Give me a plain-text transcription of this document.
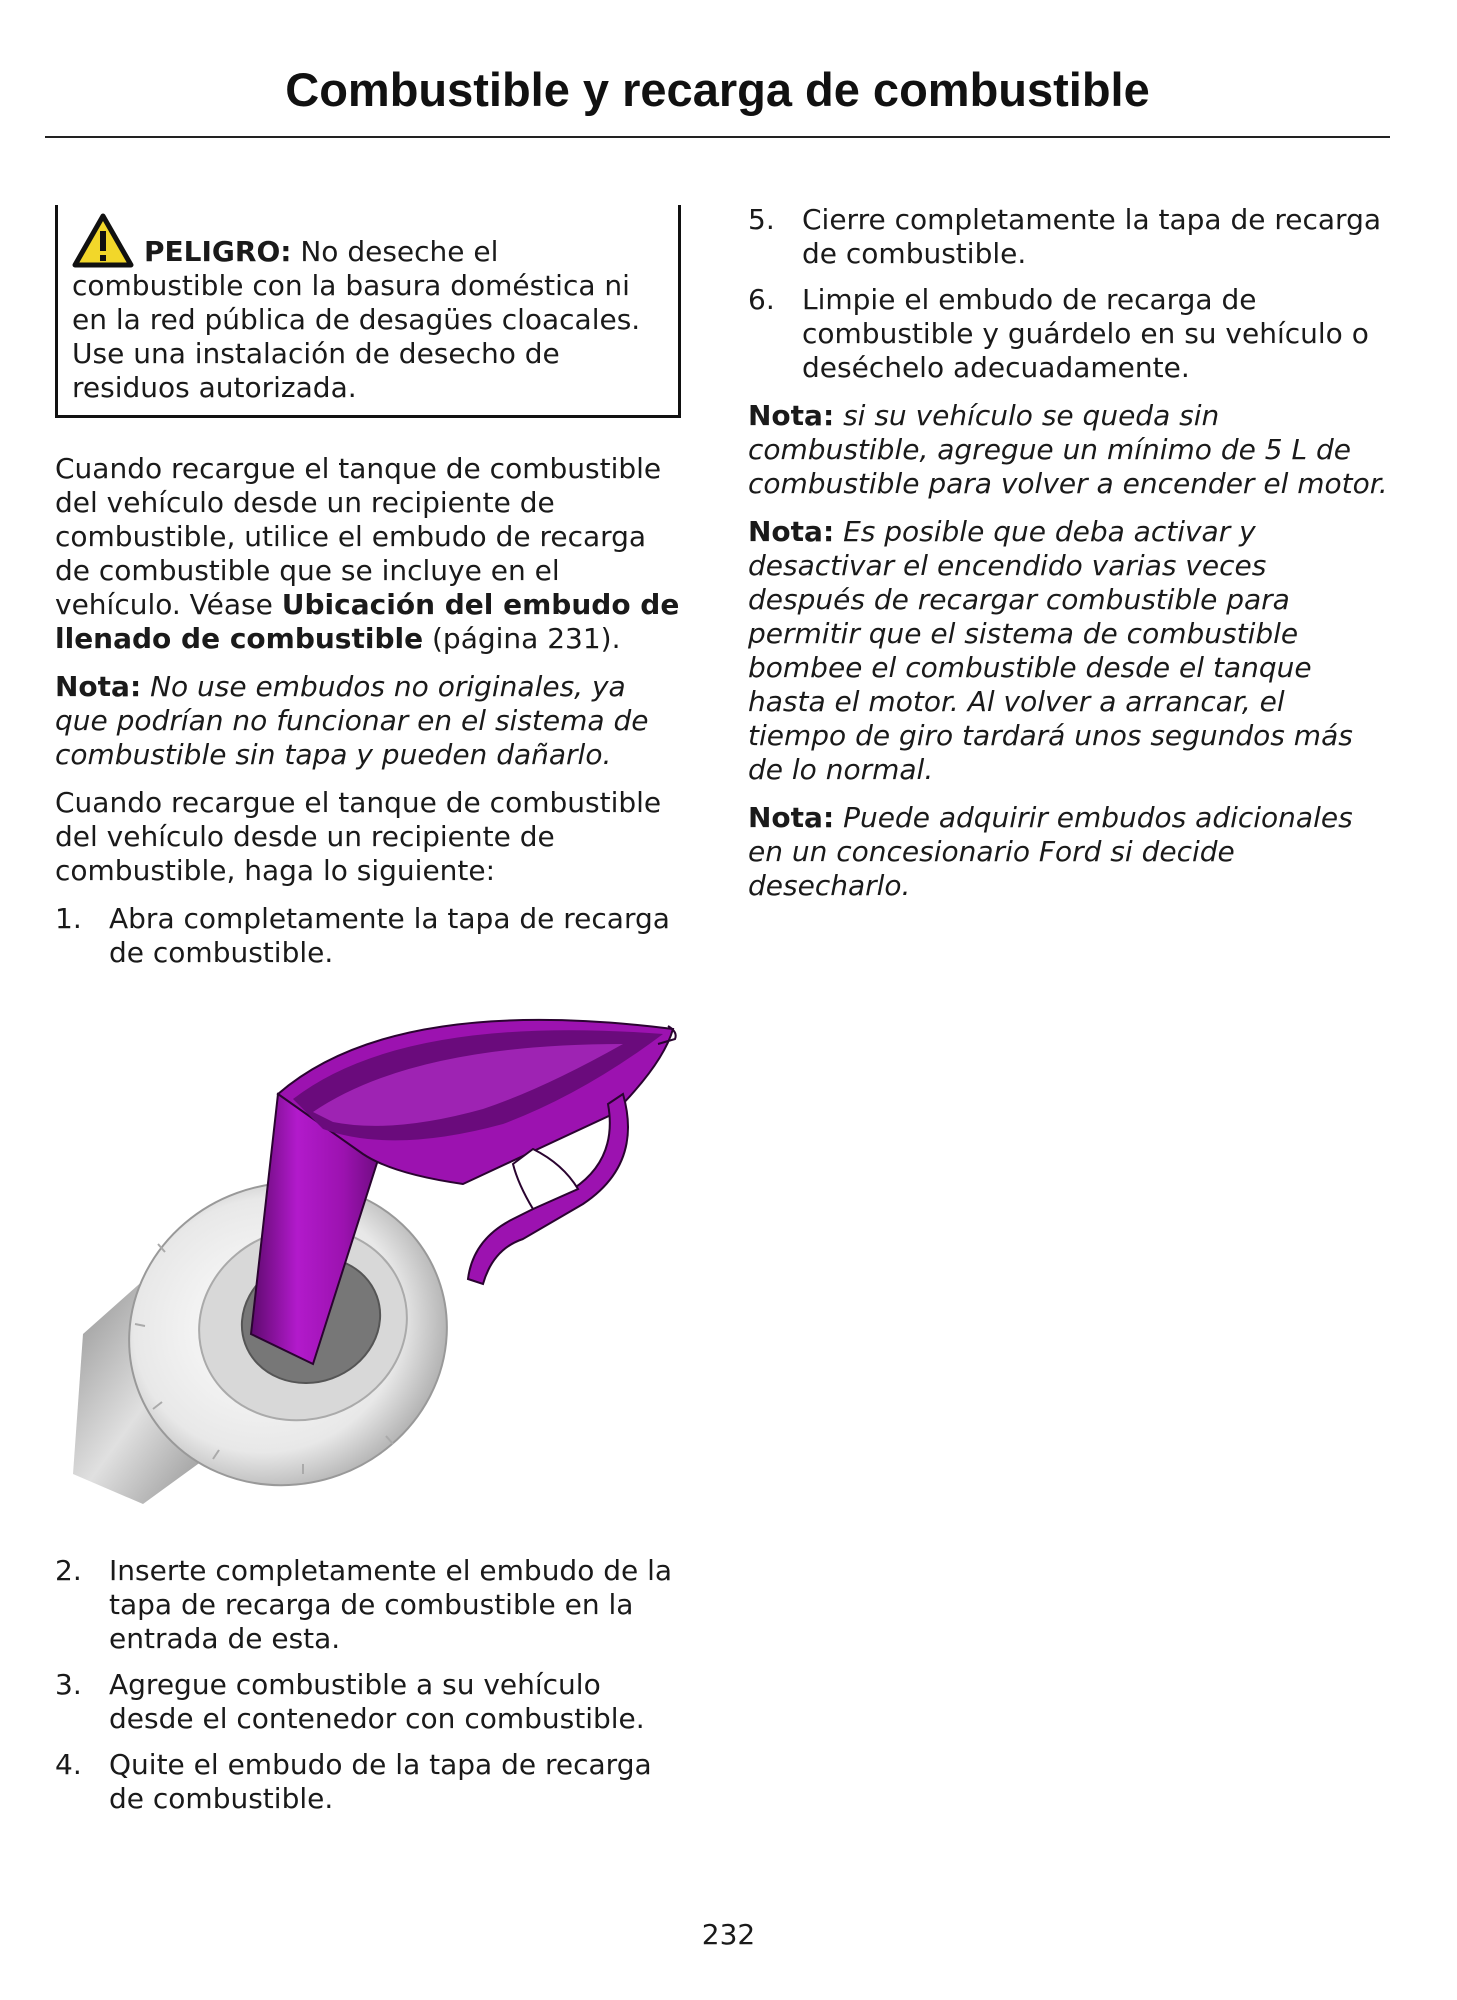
Combustible y recarga de combustible
PELIGRO: No deseche el combustible con la basura doméstica ni en la red pública de desagües cloacales. Use una instalación de desecho de residuos autorizada.

Cuando recargue el tanque de combustible del vehículo desde un recipiente de combustible, utilice el embudo de recarga de combustible que se incluye en el vehículo. Véase Ubicación del embudo de llenado de combustible (página 231).

Nota: No use embudos no originales, ya que podrían no funcionar en el sistema de combustible sin tapa y pueden dañarlo.

Cuando recargue el tanque de combustible del vehículo desde un recipiente de combustible, haga lo siguiente:

1. Abra completamente la tapa de recarga de combustible.
2. Inserte completamente el embudo de la tapa de recarga de combustible en la entrada de esta.
3. Agregue combustible a su vehículo desde el contenedor con combustible.
4. Quite el embudo de la tapa de recarga de combustible.
5. Cierre completamente la tapa de recarga de combustible.
6. Limpie el embudo de recarga de combustible y guárdelo en su vehículo o deséchelo adecuadamente.

Nota: si su vehículo se queda sin combustible, agregue un mínimo de 5 L de combustible para volver a encender el motor.

Nota: Es posible que deba activar y desactivar el encendido varias veces después de recargar combustible para permitir que el sistema de combustible bombee el combustible desde el tanque hasta el motor. Al volver a arrancar, el tiempo de giro tardará unos segundos más de lo normal.

Nota: Puede adquirir embudos adicionales en un concesionario Ford si decide desecharlo.

232
